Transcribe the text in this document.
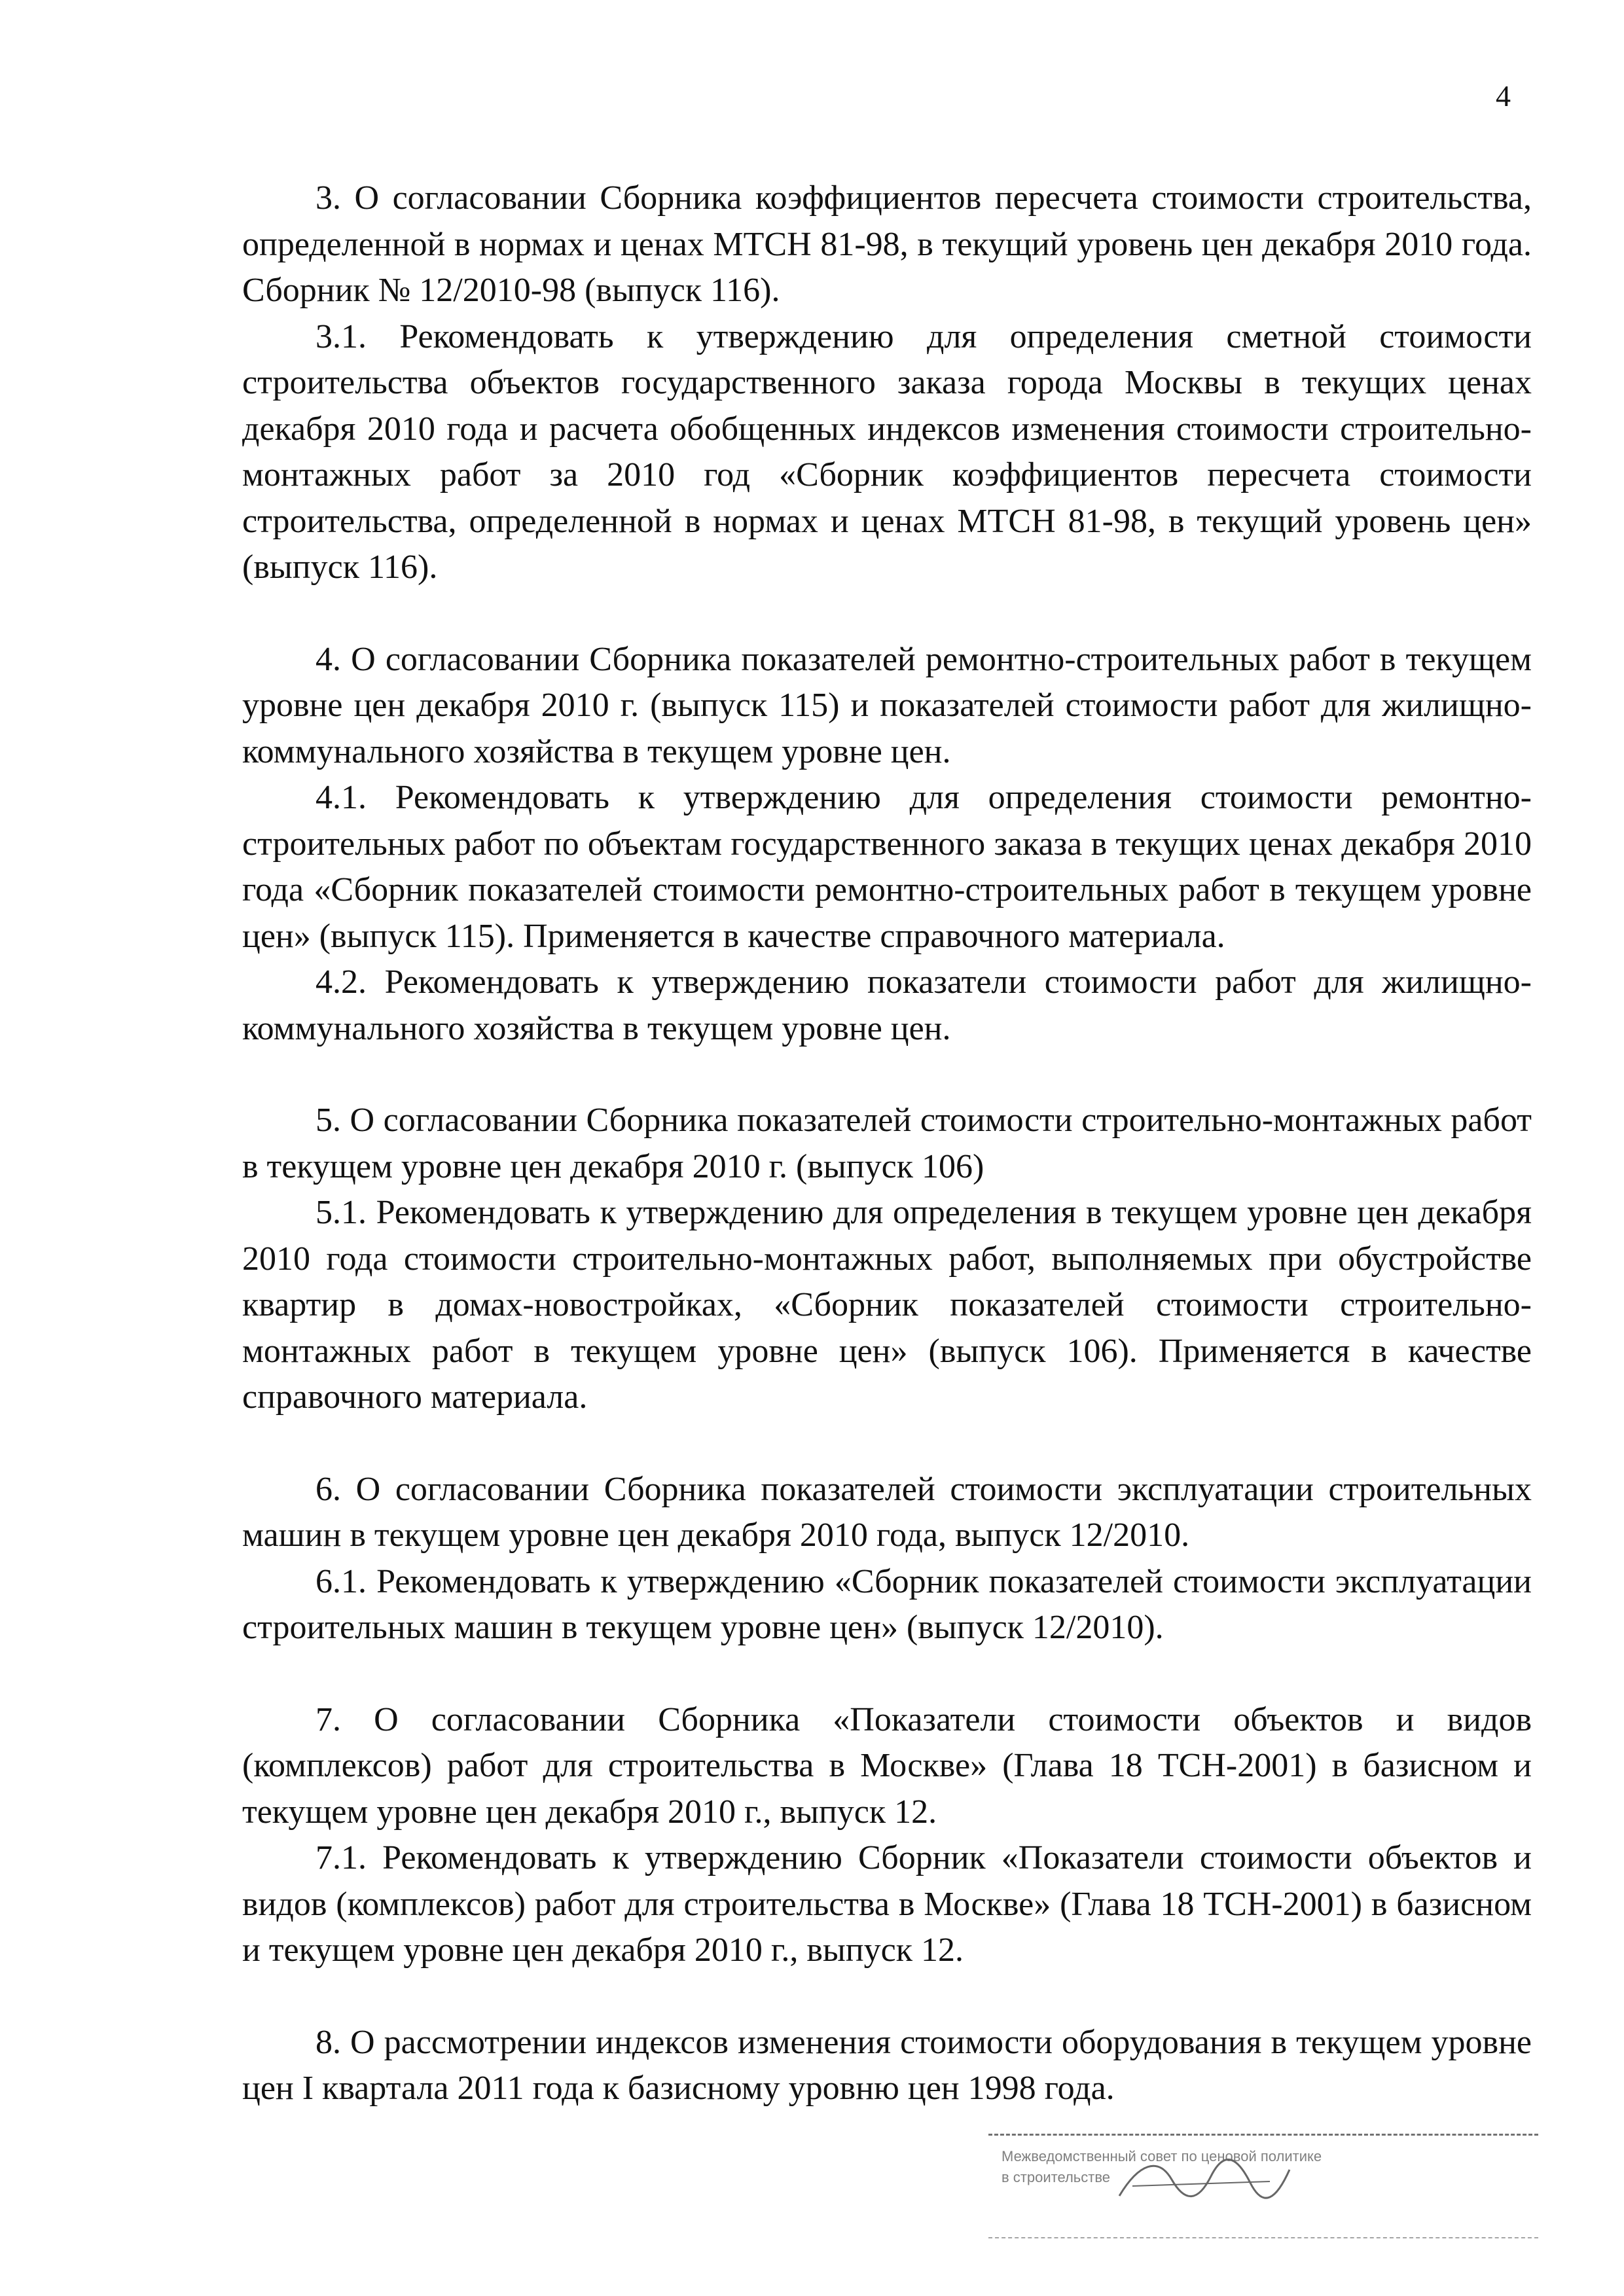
4

3. О согласовании Сборника коэффициентов пересчета стоимости строительства, определенной в нормах и ценах МТСН 81-98, в текущий уровень цен декабря 2010 года. Сборник № 12/2010-98 (выпуск 116).

3.1. Рекомендовать к утверждению для определения сметной стоимости строительства объектов государственного заказа города Москвы в текущих ценах декабря 2010 года и расчета обобщенных индексов изменения стоимости строительно-монтажных работ за 2010 год «Сборник коэффициентов пересчета стоимости строительства, определенной в нормах и ценах МТСН 81-98, в текущий уровень цен» (выпуск 116).

4. О согласовании Сборника показателей ремонтно-строительных работ в текущем уровне цен декабря 2010 г. (выпуск 115) и показателей стоимости работ для жилищно-коммунального хозяйства в текущем уровне цен.

4.1. Рекомендовать к утверждению для определения стоимости ремонтно-строительных работ по объектам государственного заказа в текущих ценах декабря 2010 года «Сборник показателей стоимости ремонтно-строительных работ в текущем уровне цен» (выпуск 115). Применяется в качестве справочного материала.

4.2. Рекомендовать к утверждению показатели стоимости работ для жилищно-коммунального хозяйства в текущем уровне цен.

5. О согласовании Сборника показателей стоимости строительно-монтажных работ в текущем уровне цен декабря 2010 г. (выпуск 106)

5.1. Рекомендовать к утверждению для определения в текущем уровне цен декабря 2010 года стоимости строительно-монтажных работ, выполняемых при обустройстве квартир в домах-новостройках, «Сборник показателей стоимости строительно-монтажных работ в текущем уровне цен» (выпуск 106). Применяется в качестве справочного материала.

6. О согласовании Сборника показателей стоимости эксплуатации строительных машин в текущем уровне цен декабря 2010 года, выпуск 12/2010.

6.1. Рекомендовать к утверждению «Сборник показателей стоимости эксплуатации строительных машин в текущем уровне цен» (выпуск 12/2010).

7. О согласовании Сборника «Показатели стоимости объектов и видов (комплексов) работ для строительства в Москве» (Глава 18 ТСН-2001) в базисном и текущем уровне цен декабря 2010 г., выпуск 12.

7.1. Рекомендовать к утверждению Сборник «Показатели стоимости объектов и видов (комплексов) работ для строительства в Москве» (Глава 18 ТСН-2001) в базисном и текущем уровне цен декабря 2010 г., выпуск 12.

8. О рассмотрении индексов изменения стоимости оборудования в текущем уровне цен I квартала 2011 года к базисному уровню цен 1998 года.

Межведомственный совет по ценовой политике
в строительстве
